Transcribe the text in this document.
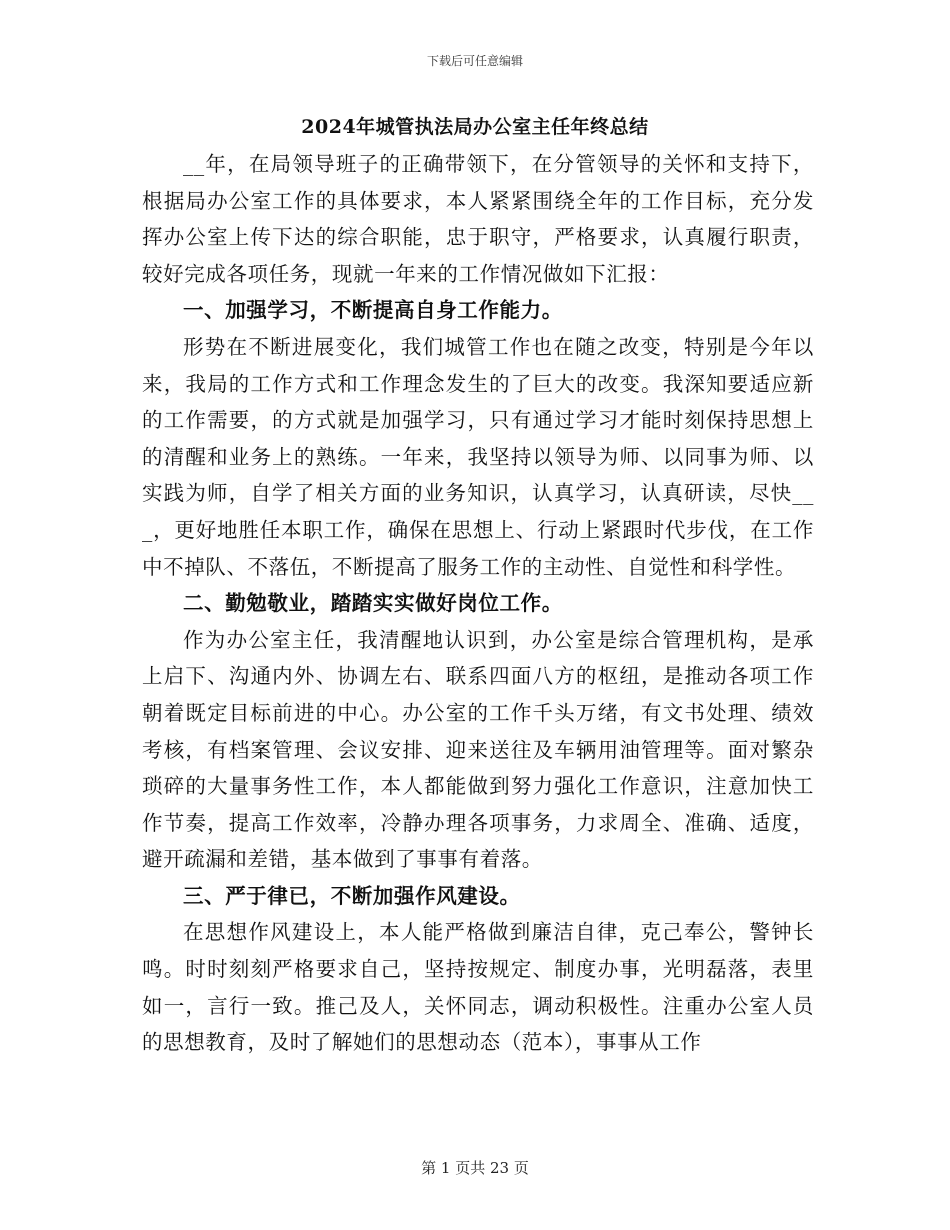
下载后可任意编辑
2024年城管执法局办公室主任年终总结

__年，在局领导班子的正确带领下，在分管领导的关怀和支持下，根据局办公室工作的具体要求，本人紧紧围绕全年的工作目标，充分发挥办公室上传下达的综合职能，忠于职守，严格要求，认真履行职责，较好完成各项任务，现就一年来的工作情况做如下汇报：

一、加强学习，不断提高自身工作能力。

形势在不断进展变化，我们城管工作也在随之改变，特别是今年以来，我局的工作方式和工作理念发生的了巨大的改变。我深知要适应新的工作需要，的方式就是加强学习，只有通过学习才能时刻保持思想上的清醒和业务上的熟练。一年来，我坚持以领导为师、以同事为师、以实践为师，自学了相关方面的业务知识，认真学习，认真研读，尽快___，更好地胜任本职工作，确保在思想上、行动上紧跟时代步伐，在工作中不掉队、不落伍，不断提高了服务工作的主动性、自觉性和科学性。

二、勤勉敬业，踏踏实实做好岗位工作。

作为办公室主任，我清醒地认识到，办公室是综合管理机构，是承上启下、沟通内外、协调左右、联系四面八方的枢纽，是推动各项工作朝着既定目标前进的中心。办公室的工作千头万绪，有文书处理、绩效考核，有档案管理、会议安排、迎来送往及车辆用油管理等。面对繁杂琐碎的大量事务性工作，本人都能做到努力强化工作意识，注意加快工作节奏，提高工作效率，冷静办理各项事务，力求周全、准确、适度，避开疏漏和差错，基本做到了事事有着落。

三、严于律已，不断加强作风建设。

在思想作风建设上，本人能严格做到廉洁自律，克己奉公，警钟长鸣。时时刻刻严格要求自己，坚持按规定、制度办事，光明磊落，表里如一，言行一致。推己及人，关怀同志，调动积极性。注重办公室人员的思想教育，及时了解她们的思想动态（范本），事事从工作

第 1 页共 23 页
